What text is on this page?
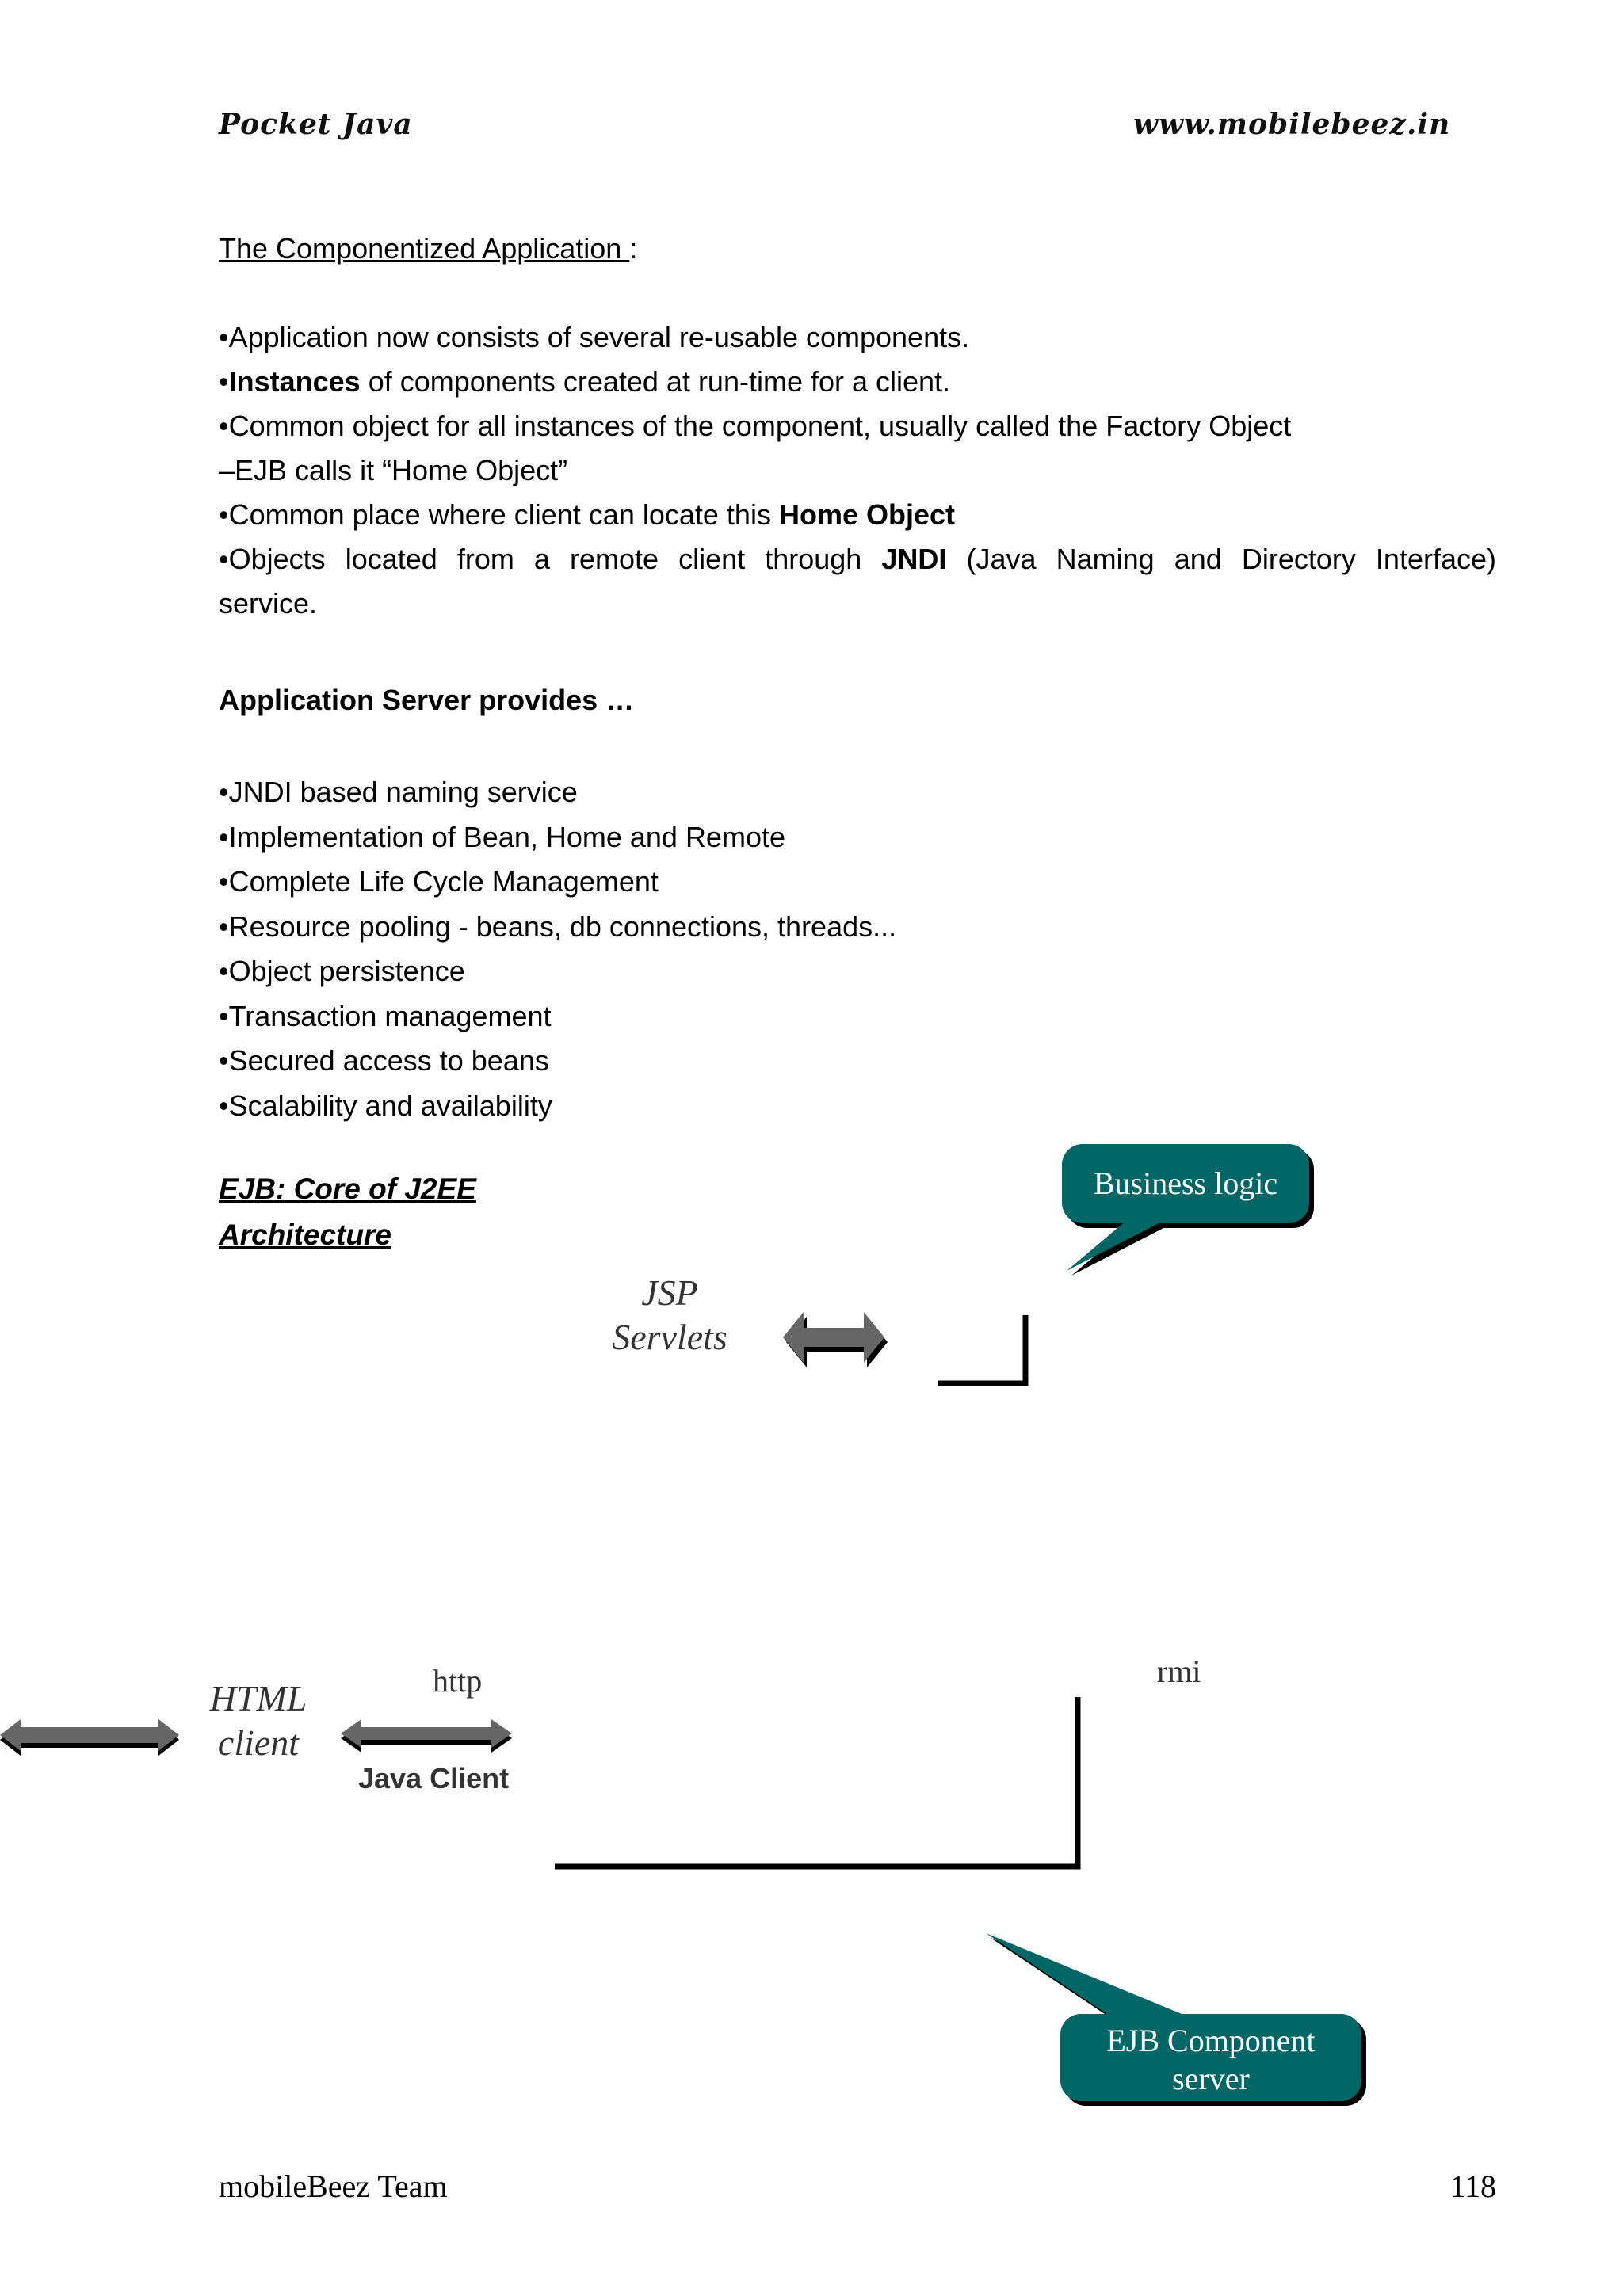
Pocket Java	www.mobilebeez.in
The Componentized Application :
•Application now consists of several re-usable components.
•Instances of components created at run-time for a client.
•Common object for all instances of the component, usually called the Factory Object
–EJB calls it “Home Object”
•Common place where client can locate this Home Object
•Objects located from a remote client through JNDI (Java Naming and Directory Interface)
service.
Application Server provides …
•JNDI based naming service
•Implementation of Bean, Home and Remote
•Complete Life Cycle Management
•Resource pooling - beans, db connections, threads...
•Object persistence
•Transaction management
•Secured access to beans
•Scalability and availability
EJB: Core of J2EE
Architecture
Business logic
JSP
Servlets
HTML
client
http	rmi
Java Client
EJB Component
server
mobileBeez Team	118
